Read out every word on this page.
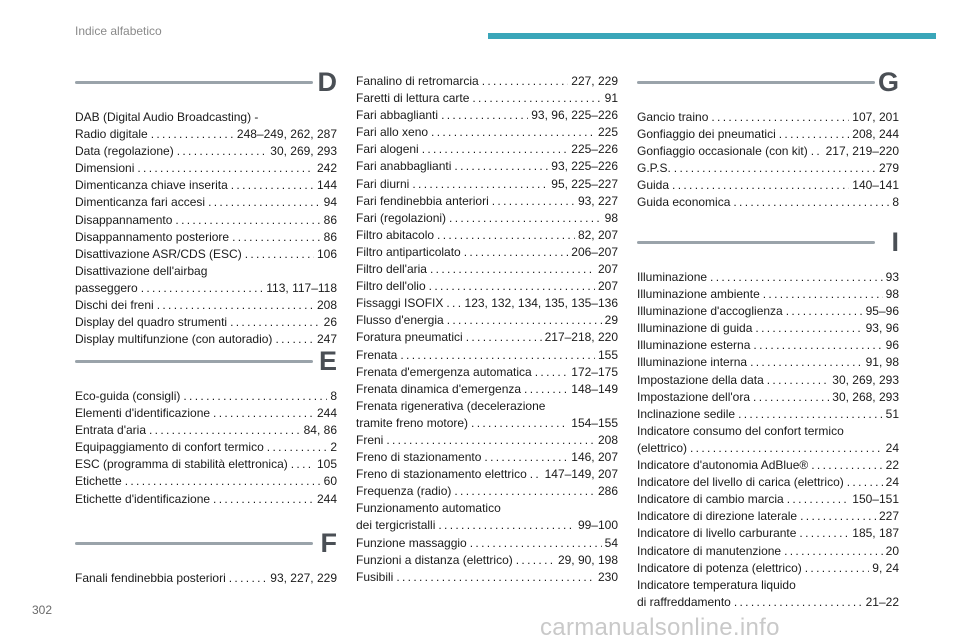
Indice alfabetico
D
DAB (Digital Audio Broadcasting) -
Radio digitale . . .	248–249, 262, 287
Data (regolazione) . . .	30, 269, 293
Dimensioni . . .	242
Dimenticanza chiave inserita . . .	144
Dimenticanza fari accesi . . .	94
Disappannamento . . .	86
Disappannamento posteriore . . .	86
Disattivazione ASR/CDS (ESC) . . .	106
Disattivazione dell'airbag
passeggero . . .	113, 117–118
Dischi dei freni . . .	208
Display del quadro strumenti . . .	26
Display multifunzione (con autoradio) . . .	247
E
Eco-guida (consigli) . . .	8
Elementi d'identificazione . . .	244
Entrata d'aria . . .	84, 86
Equipaggiamento di confort termico . . .	2
ESC (programma di stabilità elettronica) . . . 105
Etichette . . .	60
Etichette d'identificazione . . .	244
F
Fanali fendinebbia posteriori . . .	93, 227, 229
Fanalino di retromarcia . . .	227, 229
Faretti di lettura carte . . .	91
Fari abbaglianti . . .	93, 96, 225–226
Fari allo xeno . . .	225
Fari alogeni . . .	225–226
Fari anabbaglianti . . .	93, 225–226
Fari diurni . . .	95, 225–227
Fari fendinebbia anteriori . . .	93, 227
Fari (regolazioni) . . .	98
Filtro abitacolo . . .	82, 207
Filtro antiparticolato . . .	206–207
Filtro dell'aria . . .	207
Filtro dell'olio . . .	207
Fissaggi ISOFIX . . . 123, 132, 134, 135, 135–136
Flusso d'energia . . .	29
Foratura pneumatici . . .	217–218, 220
Frenata . . .	155
Frenata d'emergenza automatica . . .	172–175
Frenata dinamica d'emergenza . . .	148–149
Frenata rigenerativa (decelerazione
tramite freno motore) . . .	154–155
Freni . . .	208
Freno di stazionamento . . .	146, 207
Freno di stazionamento elettrico . . . 147–149, 207
Frequenza (radio) . . .	286
Funzionamento automatico
dei tergicristalli . . .	99–100
Funzione massaggio . . .	54
Funzioni a distanza (elettrico) . . .	29, 90, 198
Fusibili . . .	230
G
Gancio traino . . .	107, 201
Gonfiaggio dei pneumatici . . .	208, 244
Gonfiaggio occasionale (con kit) . . . 217, 219–220
G.P.S. . . .	279
Guida . . .	140–141
Guida economica . . .	8
I
Illuminazione . . .	93
Illuminazione ambiente . . .	98
Illuminazione d'accoglienza . . .	95–96
Illuminazione di guida . . .	93, 96
Illuminazione esterna . . .	96
Illuminazione interna . . .	91, 98
Impostazione della data . . .	30, 269, 293
Impostazione dell'ora . . .	30, 268, 293
Inclinazione sedile . . .	51
Indicatore consumo del confort termico
(elettrico) . . .	24
Indicatore d'autonomia AdBlue® . . .	22
Indicatore del livello di carica (elettrico) . . .	24
Indicatore di cambio marcia . . .	150–151
Indicatore di direzione laterale . . .	227
Indicatore di livello carburante . . .	185, 187
Indicatore di manutenzione . . .	20
Indicatore di potenza (elettrico) . . .	9, 24
Indicatore temperatura liquido
di raffreddamento . . .	21–22
302
carmanualsonline.info
